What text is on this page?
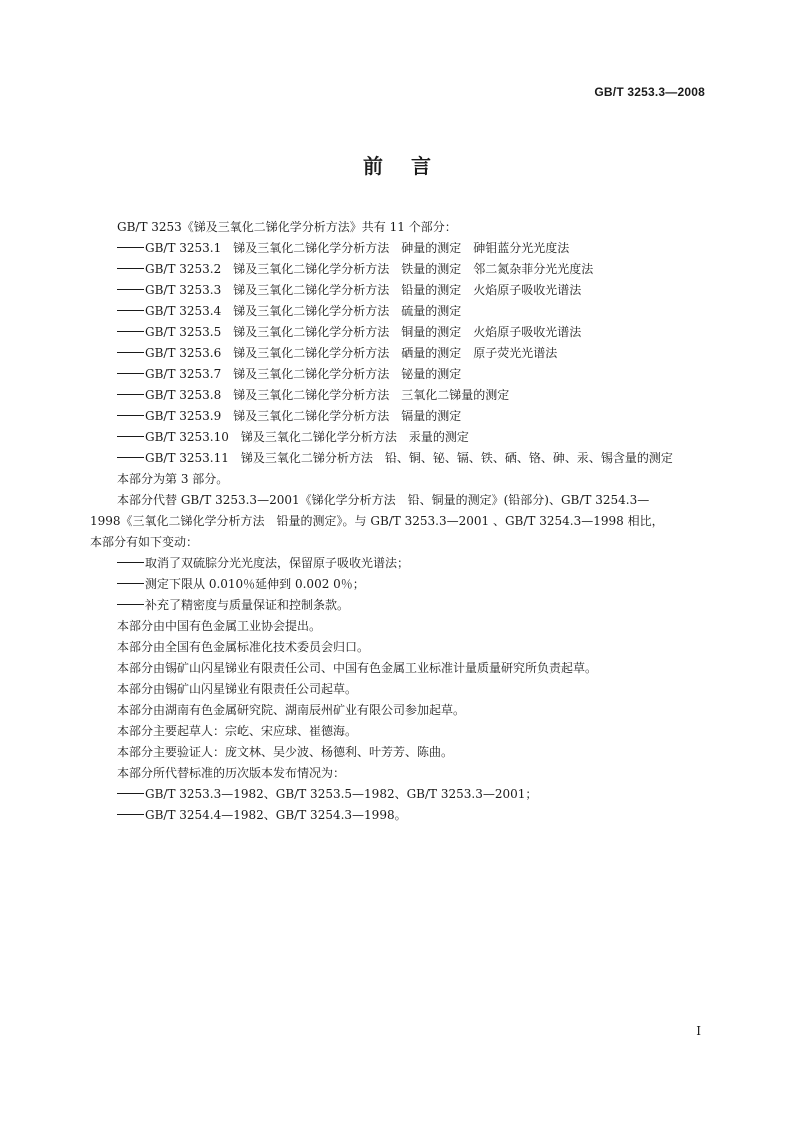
GB/T 3253.3—2008
前言
GB/T 3253《锑及三氧化二锑化学分析方法》共有 11 个部分：
GB/T 3253.1　锑及三氧化二锑化学分析方法　砷量的测定　砷钼蓝分光光度法
GB/T 3253.2　锑及三氧化二锑化学分析方法　铁量的测定　邻二氮杂菲分光光度法
GB/T 3253.3　锑及三氧化二锑化学分析方法　铅量的测定　火焰原子吸收光谱法
GB/T 3253.4　锑及三氧化二锑化学分析方法　硫量的测定
GB/T 3253.5　锑及三氧化二锑化学分析方法　铜量的测定　火焰原子吸收光谱法
GB/T 3253.6　锑及三氧化二锑化学分析方法　硒量的测定　原子荧光光谱法
GB/T 3253.7　锑及三氧化二锑化学分析方法　铋量的测定
GB/T 3253.8　锑及三氧化二锑化学分析方法　三氧化二锑量的测定
GB/T 3253.9　锑及三氧化二锑化学分析方法　镉量的测定
GB/T 3253.10　锑及三氧化二锑化学分析方法　汞量的测定
GB/T 3253.11　锑及三氧化二锑分析方法　铅、铜、铋、镉、铁、硒、铬、砷、汞、锡含量的测定
本部分为第 3 部分。
本部分代替 GB/T 3253.3—2001《锑化学分析方法　铅、铜量的测定》(铅部分)、GB/T 3254.3—
1998《三氧化二锑化学分析方法　铅量的测定》。与 GB/T 3253.3—2001 、GB/T 3254.3—1998 相比，
本部分有如下变动：
取消了双硫腙分光光度法，保留原子吸收光谱法；
测定下限从 0.010％延伸到 0.002 0％；
补充了精密度与质量保证和控制条款。
本部分由中国有色金属工业协会提出。
本部分由全国有色金属标准化技术委员会归口。
本部分由锡矿山闪星锑业有限责任公司、中国有色金属工业标准计量质量研究所负责起草。
本部分由锡矿山闪星锑业有限责任公司起草。
本部分由湖南有色金属研究院、湖南辰州矿业有限公司参加起草。
本部分主要起草人：宗屹、宋应球、崔德海。
本部分主要验证人：庞文林、吴少波、杨德利、叶芳芳、陈曲。
本部分所代替标准的历次版本发布情况为：
GB/T 3253.3—1982、GB/T 3253.5—1982、GB/T 3253.3—2001；
GB/T 3254.4—1982、GB/T 3254.3—1998。
I
